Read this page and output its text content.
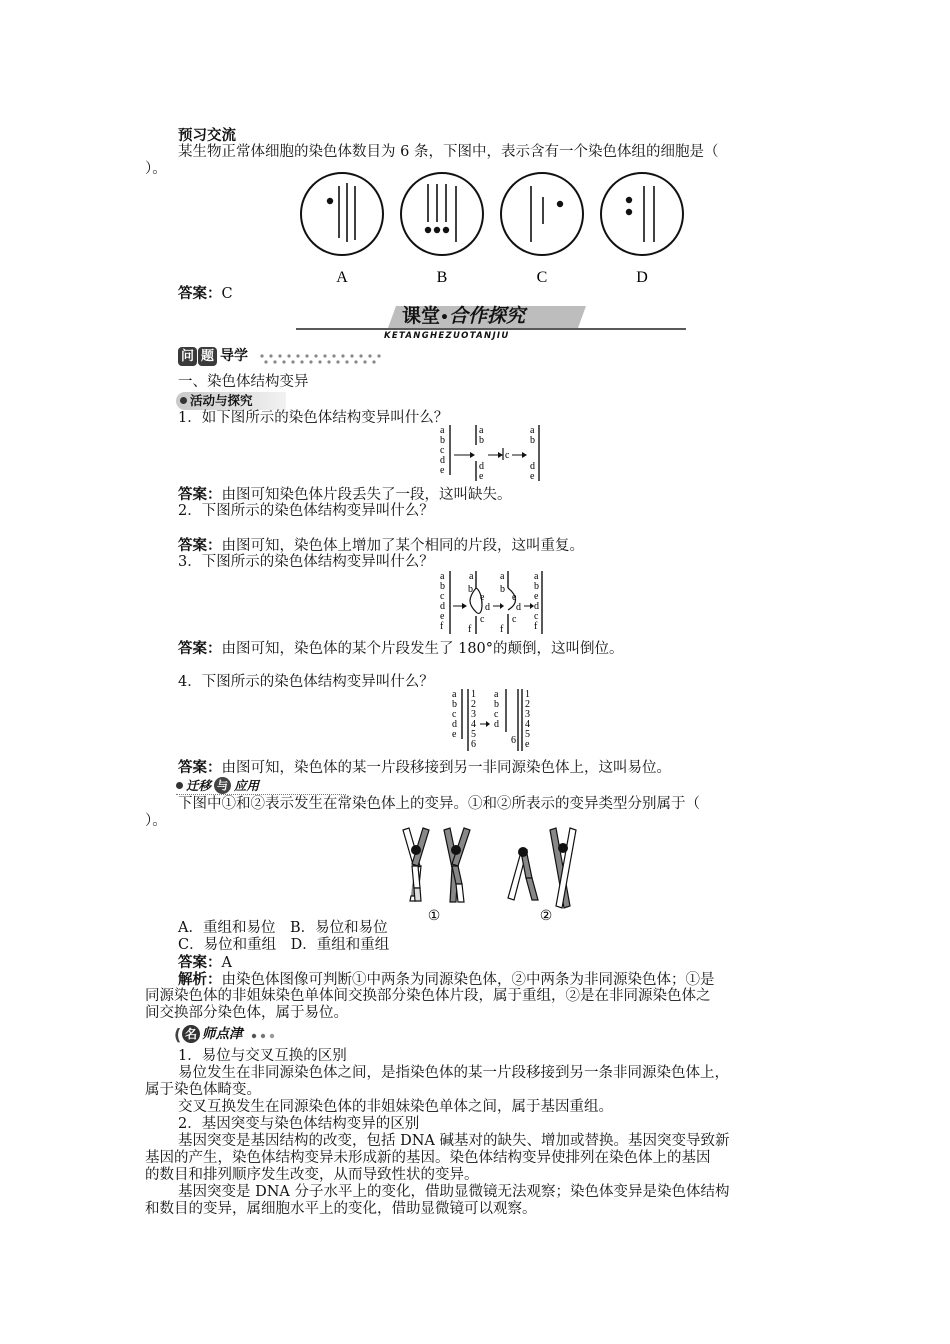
预习交流
某生物正常体细胞的染色体数目为 6 条，下图中，表示含有一个染色体组的细胞是（
）。
A	B	C	D
答案：C
课堂•合作探究
KETANGHEZUOTANJIU
问 题 导学
一、染色体结构变异
活动与探究
1．如下图所示的染色体结构变异叫什么？
a
b
c
d
e
a
b
d
e
c
a
b
d
e
答案：由图可知染色体片段丢失了一段，这叫缺失。
2．下图所示的染色体结构变异叫什么？
答案：由图可知，染色体上增加了某个相同的片段，这叫重复。
3．下图所示的染色体结构变异叫什么？
a
b
c
d
e
f
a
b
e
d
c
f
a
b
e
d
c
f
a
b
e
d
c
f
答案：由图可知，染色体的某个片段发生了 180°的颠倒，这叫倒位。
4．下图所示的染色体结构变异叫什么？
a
b
c
d
e
1
2
3
4
5
6
a
b
c
d
6
1
2
3
4
5
e
答案：由图可知，染色体的某一片段移接到另一非同源染色体上，这叫易位。
迁移 与 应用
下图中①和②表示发生在常染色体上的变异。①和②所表示的变异类型分别属于（
）。
①	②
A．重组和易位　B．易位和易位
C．易位和重组　D．重组和重组
答案：A
解析：由染色体图像可判断①中两条为同源染色体，②中两条为非同源染色体；①是
同源染色体的非姐妹染色单体间交换部分染色体片段，属于重组，②是在非同源染色体之
间交换部分染色体，属于易位。
( 名 师点津
1．易位与交叉互换的区别
易位发生在非同源染色体之间，是指染色体的某一片段移接到另一条非同源染色体上，
属于染色体畸变。
交叉互换发生在同源染色体的非姐妹染色单体之间，属于基因重组。
2．基因突变与染色体结构变异的区别
基因突变是基因结构的改变，包括 DNA 碱基对的缺失、增加或替换。基因突变导致新
基因的产生，染色体结构变异未形成新的基因。染色体结构变异使排列在染色体上的基因
的数目和排列顺序发生改变，从而导致性状的变异。
基因突变是 DNA 分子水平上的变化，借助显微镜无法观察；染色体变异是染色体结构
和数目的变异，属细胞水平上的变化，借助显微镜可以观察。
